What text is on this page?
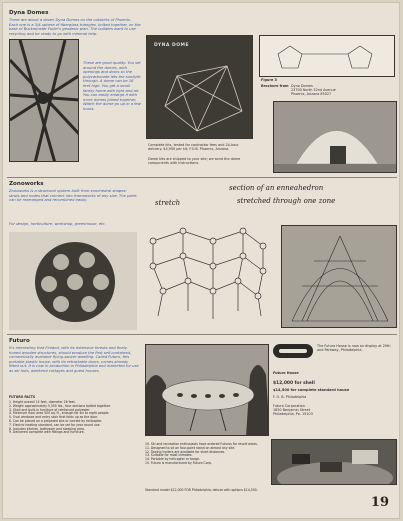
Dyna Domes
There are about a dozen Dyna Domes on the outskirts of Phoenix. Each one is a 3/4-sphere of fiberglass triangles, bolted together, on the base of Buckminster Fuller's geodesic plan. The builders want to use recycling and be ready to go with minimal help.
These are good quality. You set around the domes, with openings and doors so the polycarbonate lets the sunlight through. A dome can be 16 feet high. You get a small family home with light and air. You can easily enlarge it with more domes joined together. Watch the dome go up in a few hours.
DYNA DOME
Complete kits, tested for contractor fees and 24-hour delivery. $4,950 per kit, F.O.B. Phoenix, Arizona.
Dome kits are shipped to your site; we send the dome components with instructions.
Figure 3
Brochure from Dyna Domes
23700 North 32nd Avenue
Phoenix, Arizona 85027
Zonoworks
Zonoworks is a structural system built from zonohedral shapes: struts and nodes that connect into frameworks of any size. The parts can be rearranged and recombined easily.
For design, horticulture, workshop, greenhouse, etc.
stretch
section of an enneahedron
stretched through one zone
Futuro
It's interesting that Finland, with its extensive forests and finely-honed wooden structures, should produce the first self-contained, commercially available flying-saucer dwelling. Called Futuro, this portable plastic house, with its retractable doors, comes already fitted out. It is now in production in Philadelphia and marketed for use as ski huts, weekend cottages and guest houses.
FUTURO FACTS
1. Height overall 14 feet, diameter 26 feet.
2. Weight approximately 5,500 lbs., four sections bolted together.
3. Shell and built-in furniture of reinforced polyester.
4. Minimum floor area 500 sq. ft., enough for six to eight people.
5. Oval windows and entry stair that folds up as the door.
6. Can be placed on a prepared site or carried by helicopter.
7. Electric heating standard, can be set for year round use.
8. Includes kitchen, bathroom and sleeping area.
9. Delivered complete with fittings and furniture.
The Futuro House is now on display at 20th and Parkway, Philadelphia.
Futuro House
$12,000 for shell
$14,500 for complete standard house
F. O. B. Philadelphia
Futuro Corporation
1850 Benjamin Street
Philadelphia, Pa. 19103
10. Ski and recreation enthusiasts have ordered Futuros for resort areas.
11. Designed to sit on four-point stand on almost any site.
12. Towing trailers are available for short distances.
13. Suitable for most climates.
14. Portable by helicopter or barge.
15. Futuro is manufactured by Futuro Corp.
Standard model $12,000 FOB Philadelphia; deluxe with options $14,500.
19
